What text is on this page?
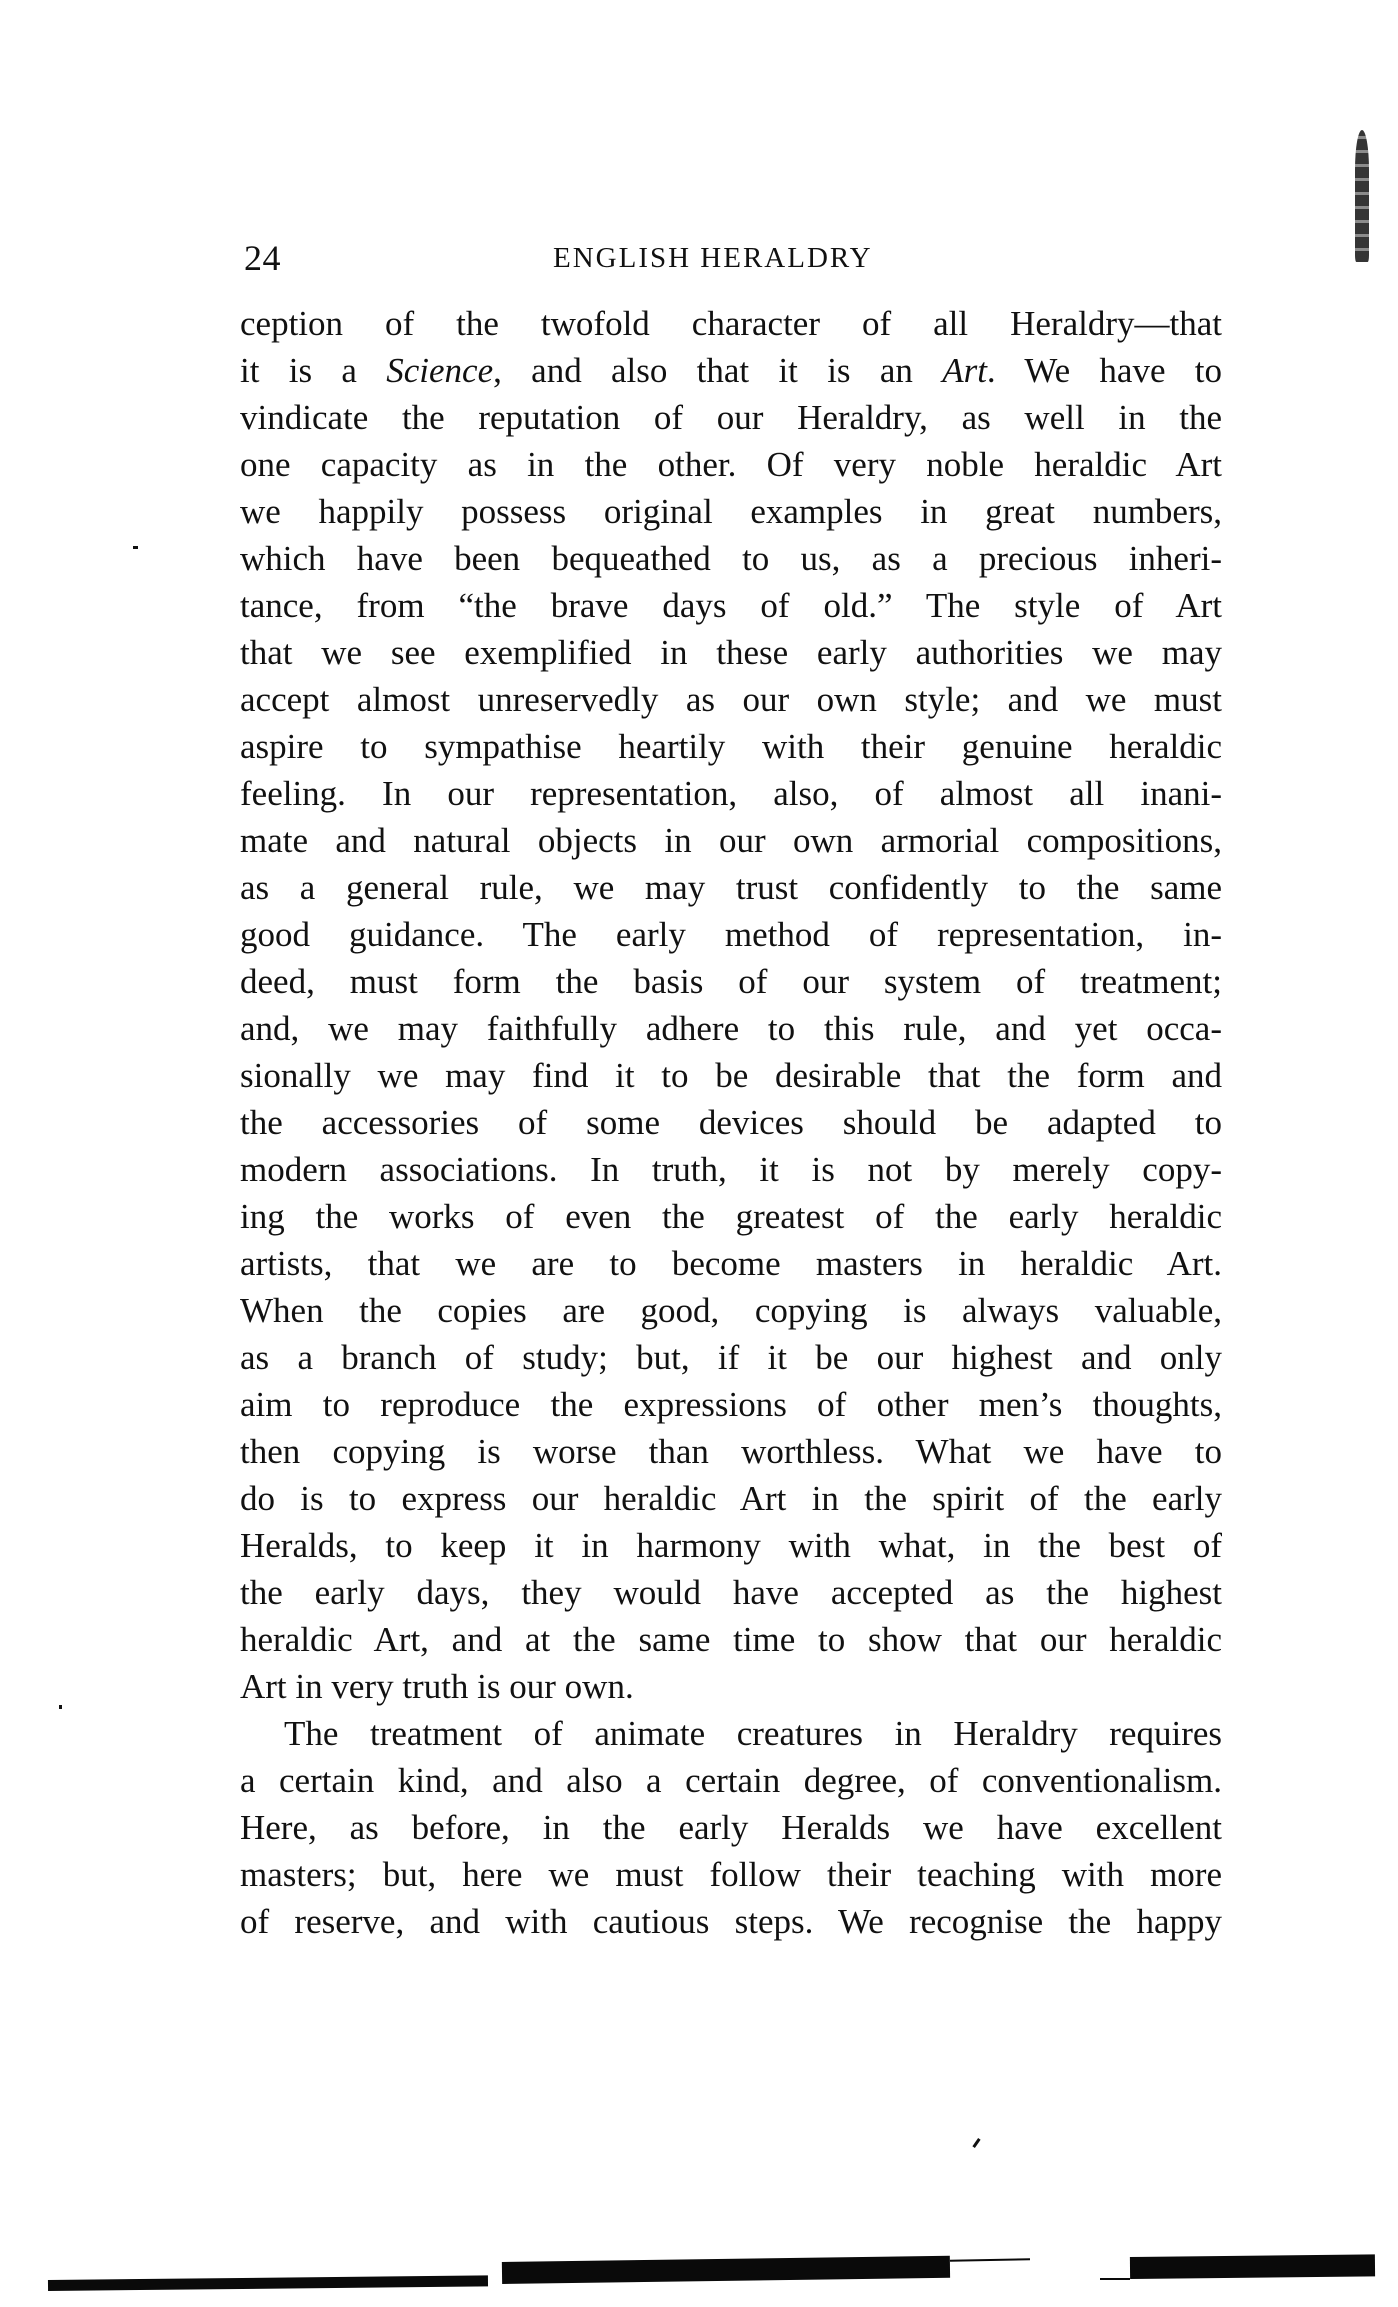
24	ENGLISH HERALDRY
ception of the twofold character of all Heraldry—that
it is a Science, and also that it is an Art. We have to
vindicate the reputation of our Heraldry, as well in the
one capacity as in the other. Of very noble heraldic Art
we happily possess original examples in great numbers,
which have been bequeathed to us, as a precious inheri-
tance, from “the brave days of old.” The style of Art
that we see exemplified in these early authorities we may
accept almost unreservedly as our own style; and we must
aspire to sympathise heartily with their genuine heraldic
feeling. In our representation, also, of almost all inani-
mate and natural objects in our own armorial compositions,
as a general rule, we may trust confidently to the same
good guidance. The early method of representation, in-
deed, must form the basis of our system of treatment;
and, we may faithfully adhere to this rule, and yet occa-
sionally we may find it to be desirable that the form and
the accessories of some devices should be adapted to
modern associations. In truth, it is not by merely copy-
ing the works of even the greatest of the early heraldic
artists, that we are to become masters in heraldic Art.
When the copies are good, copying is always valuable,
as a branch of study; but, if it be our highest and only
aim to reproduce the expressions of other men’s thoughts,
then copying is worse than worthless. What we have to
do is to express our heraldic Art in the spirit of the early
Heralds, to keep it in harmony with what, in the best of
the early days, they would have accepted as the highest
heraldic Art, and at the same time to show that our heraldic
Art in very truth is our own.
The treatment of animate creatures in Heraldry requires
a certain kind, and also a certain degree, of conventionalism.
Here, as before, in the early Heralds we have excellent
masters; but, here we must follow their teaching with more
of reserve, and with cautious steps. We recognise the happy
